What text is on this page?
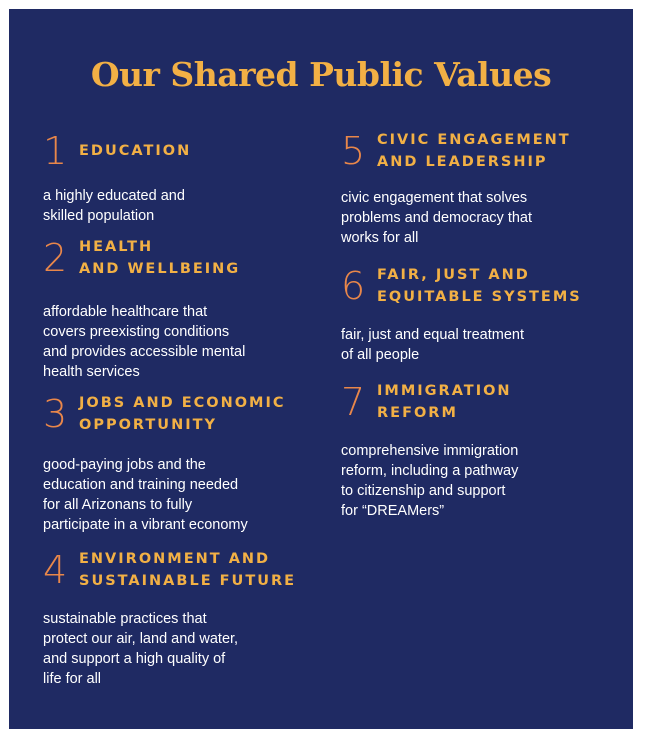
Our Shared Public Values
1 EDUCATION

a highly educated and
skilled population

2 HEALTH
AND WELLBEING

affordable healthcare that
covers preexisting conditions
and provides accessible mental
health services

3 JOBS AND ECONOMIC
OPPORTUNITY

good-paying jobs and the
education and training needed
for all Arizonans to fully
participate in a vibrant economy

4 ENVIRONMENT AND
SUSTAINABLE FUTURE

sustainable practices that
protect our air, land and water,
and support a high quality of
life for all

5 CIVIC ENGAGEMENT
AND LEADERSHIP

civic engagement that solves
problems and democracy that
works for all

6 FAIR, JUST AND
EQUITABLE SYSTEMS

fair, just and equal treatment
of all people

7 IMMIGRATION
REFORM

comprehensive immigration
reform, including a pathway
to citizenship and support
for “DREAMers”
